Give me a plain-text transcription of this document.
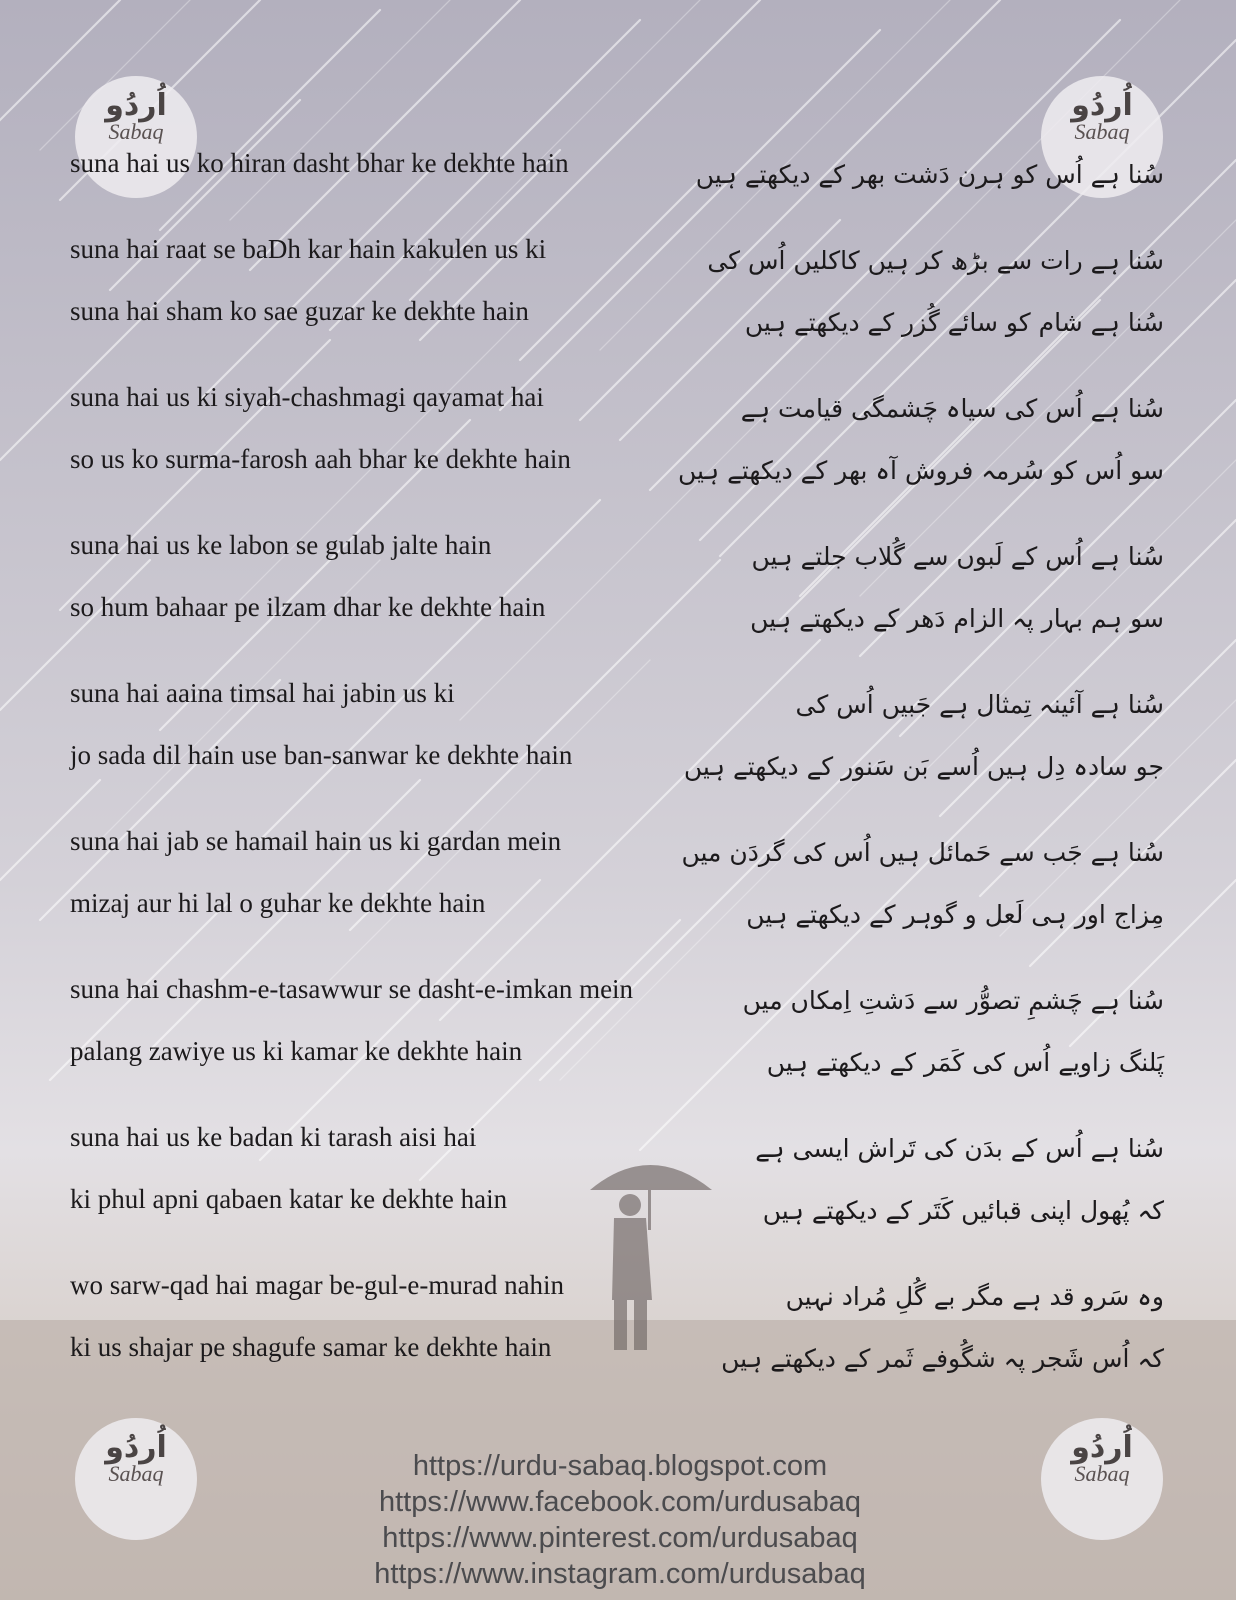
اُردُو
Sabaq
اُردُو
Sabaq
اُردُو
Sabaq
اُردُو
Sabaq
suna hai us ko hiran dasht bhar ke dekhte hain
suna hai raat se baDh kar hain kakulen us ki
suna hai sham ko sae guzar ke dekhte hain
suna hai us ki siyah-chashmagi qayamat hai
so us ko surma-farosh aah bhar ke dekhte hain
suna hai us ke labon se gulab jalte hain
so hum bahaar pe ilzam dhar ke dekhte hain
suna hai aaina timsal hai jabin us ki
jo sada dil hain use ban-sanwar ke dekhte hain
suna hai jab se hamail hain us ki gardan mein
mizaj aur hi lal o guhar ke dekhte hain
suna hai chashm-e-tasawwur se dasht-e-imkan mein
palang zawiye us ki kamar ke dekhte hain
suna hai us ke badan ki tarash aisi hai
ki phul apni qabaen katar ke dekhte hain
wo sarw-qad hai magar be-gul-e-murad nahin
ki us shajar pe shagufe samar ke dekhte hain
سُنا ہے اُس کو ہرن دَشت بھر کے دیکھتے ہیں
سُنا ہے رات سے بڑھ کر ہیں کاکلیں اُس کی
سُنا ہے شام کو سائے گُزر کے دیکھتے ہیں
سُنا ہے اُس کی سیاہ چَشمگی قیامت ہے
سو اُس کو سُرمہ فروش آہ بھر کے دیکھتے ہیں
سُنا ہے اُس کے لَبوں سے گُلاب جلتے ہیں
سو ہم بہار پہ الزام دَھر کے دیکھتے ہیں
سُنا ہے آئینہ تِمثال ہے جَبیں اُس کی
جو سادہ دِل ہیں اُسے بَن سَنور کے دیکھتے ہیں
سُنا ہے جَب سے حَمائل ہیں اُس کی گردَن میں
مِزاج اور ہی لَعل و گوہر کے دیکھتے ہیں
سُنا ہے چَشمِ تصوُّر سے دَشتِ اِمکاں میں
پَلنگ زاویے اُس کی کَمَر کے دیکھتے ہیں
سُنا ہے اُس کے بدَن کی تَراش ایسی ہے
کہ پُھول اپنی قبائیں کَتَر کے دیکھتے ہیں
وہ سَرو قد ہے مگر بے گُلِ مُراد نہیں
کہ اُس شَجر پہ شگُوفے ثَمر کے دیکھتے ہیں
https://urdu-sabaq.blogspot.com
https://www.facebook.com/urdusabaq
https://www.pinterest.com/urdusabaq
https://www.instagram.com/urdusabaq
